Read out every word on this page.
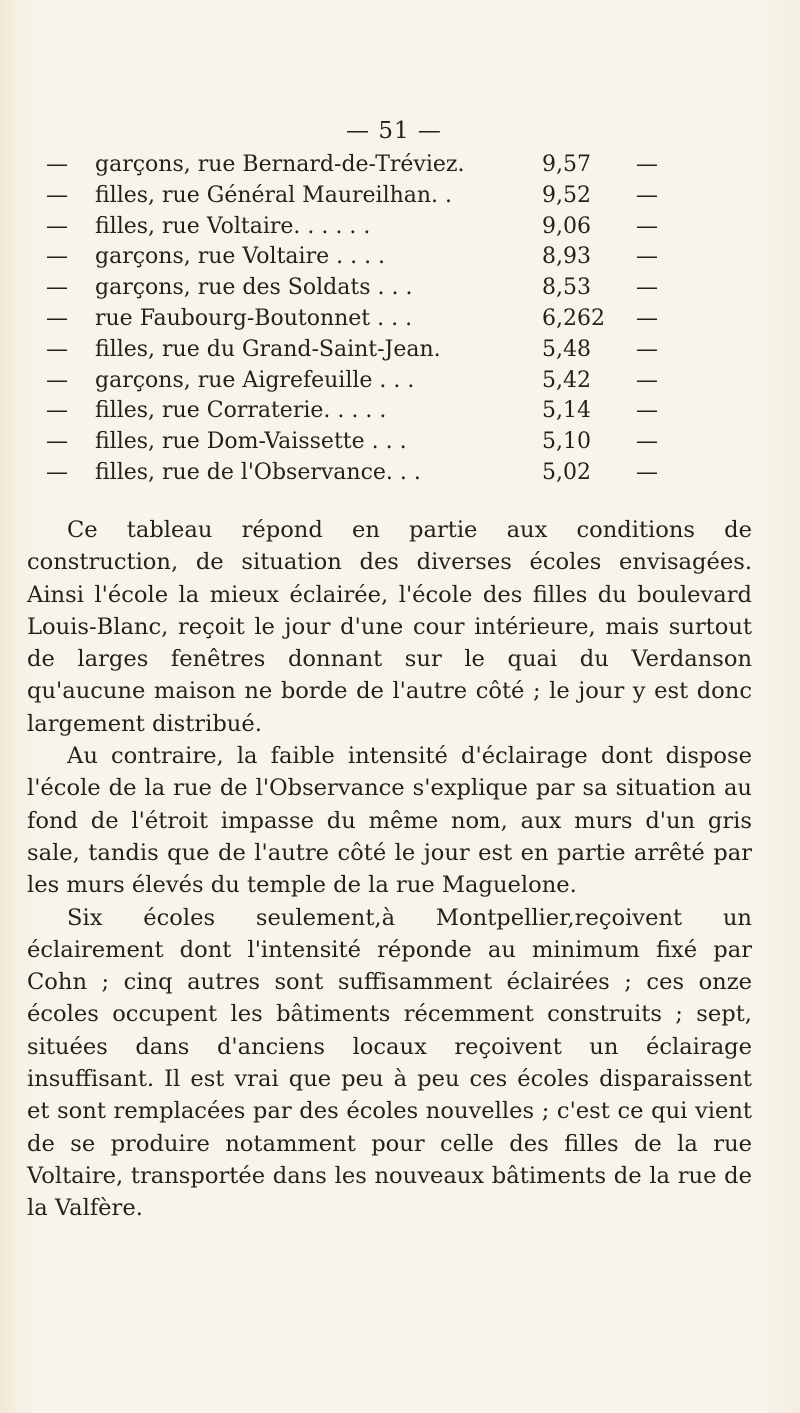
— 51 —
— garçons, rue Bernard-de-Tréviez.	9,57	—
— filles, rue Général Maureilhan. .	9,52	—
— filles, rue Voltaire. . . . . .	9,06	—
— garçons, rue Voltaire . . . .	8,93	—
— garçons, rue des Soldats . . .	8,53	—
— rue Faubourg-Boutonnet . . .	6,262	—
— filles, rue du Grand-Saint-Jean.	5,48	—
— garçons, rue Aigrefeuille . . .	5,42	—
— filles, rue Corraterie. . . . .	5,14	—
— filles, rue Dom-Vaissette . . .	5,10	—
— filles, rue de l'Observance. . .	5,02	—

Ce tableau répond en partie aux conditions de construction, de situation des diverses écoles envisagées. Ainsi l'école la mieux éclairée, l'école des filles du boulevard Louis-Blanc, reçoit le jour d'une cour intérieure, mais surtout de larges fenêtres donnant sur le quai du Verdanson qu'aucune maison ne borde de l'autre côté ; le jour y est donc largement distribué.

Au contraire, la faible intensité d'éclairage dont dispose l'école de la rue de l'Observance s'explique par sa situation au fond de l'étroit impasse du même nom, aux murs d'un gris sale, tandis que de l'autre côté le jour est en partie arrêté par les murs élevés du temple de la rue Maguelone.

Six écoles seulement,à Montpellier,reçoivent un éclairement dont l'intensité réponde au minimum fixé par Cohn ; cinq autres sont suffisamment éclairées ; ces onze écoles occupent les bâtiments récemment construits ; sept, situées dans d'anciens locaux reçoivent un éclairage insuffisant. Il est vrai que peu à peu ces écoles disparaissent et sont remplacées par des écoles nouvelles ; c'est ce qui vient de se produire notamment pour celle des filles de la rue Voltaire, transportée dans les nouveaux bâtiments de la rue de la Valfère.
